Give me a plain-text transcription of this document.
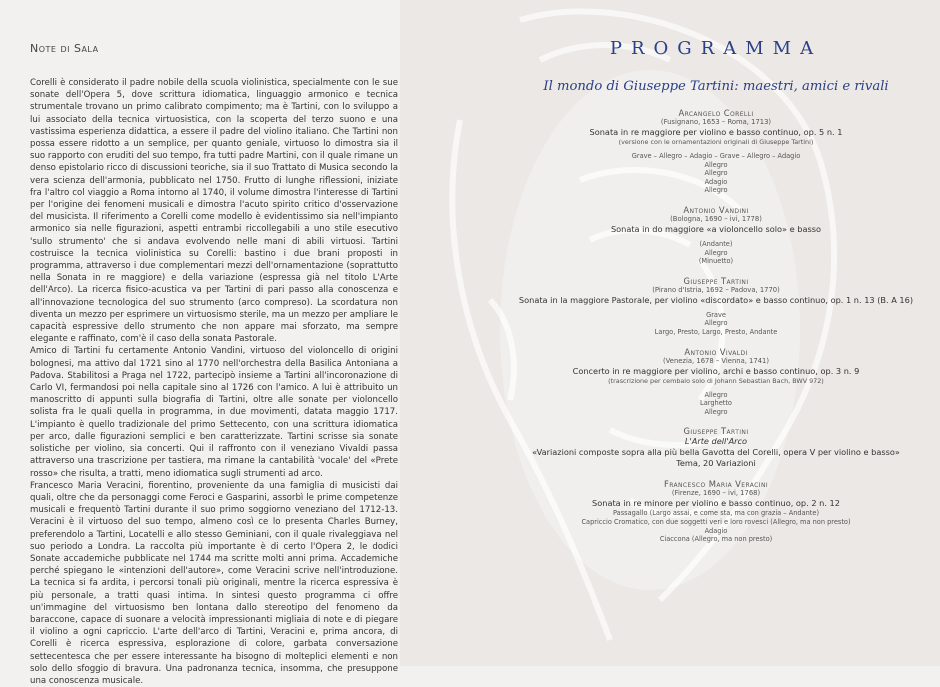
Note di Sala

Corelli è considerato il padre nobile della scuola violinistica, specialmente con le sue sonate dell'Opera 5, dove scrittura idiomatica, linguaggio armonico e tecnica strumentale trovano un primo calibrato compimento; ma è Tartini, con lo sviluppo a lui associato della tecnica virtuosistica, con la scoperta del terzo suono e una vastissima esperienza didattica, a essere il padre del violino italiano. Che Tartini non possa essere ridotto a un semplice, per quanto geniale, virtuoso lo dimostra sia il suo rapporto con eruditi del suo tempo, fra tutti padre Martini, con il quale rimane un denso epistolario ricco di discussioni teoriche, sia il suo Trattato di Musica secondo la vera scienza dell'armonia, pubblicato nel 1750. Frutto di lunghe riflessioni, iniziate fra l'altro col viaggio a Roma intorno al 1740, il volume dimostra l'interesse di Tartini per l'origine dei fenomeni musicali e dimostra l'acuto spirito critico d'osservazione del musicista. Il riferimento a Corelli come modello è evidentissimo sia nell'impianto armonico sia nelle figurazioni, aspetti entrambi riccollegabili a uno stile esecutivo 'sullo strumento' che si andava evolvendo nelle mani di abili virtuosi. Tartini costruisce la tecnica violinistica su Corelli: bastino i due brani proposti in programma, attraverso i due complementari mezzi dell'ornamentazione (soprattutto nella Sonata in re maggiore) e della variazione (espressa già nel titolo L'Arte dell'Arco). La ricerca fisico-acustica va per Tartini di pari passo alla conoscenza e all'innovazione tecnologica del suo strumento (arco compreso). La scordatura non diventa un mezzo per esprimere un virtuosismo sterile, ma un mezzo per ampliare le capacità espressive dello strumento che non appare mai sforzato, ma sempre elegante e raffinato, com'è il caso della sonata Pastorale.

Amico di Tartini fu certamente Antonio Vandini, virtuoso del violoncello di origini bolognesi, ma attivo dal 1721 sino al 1770 nell'orchestra della Basilica Antoniana a Padova. Stabilitosi a Praga nel 1722, partecipò insieme a Tartini all'incoronazione di Carlo VI, fermandosi poi nella capitale sino al 1726 con l'amico. A lui è attribuito un manoscritto di appunti sulla biografia di Tartini, oltre alle sonate per violoncello solista fra le quali quella in programma, in due movimenti, datata maggio 1717. L'impianto è quello tradizionale del primo Settecento, con una scrittura idiomatica per arco, dalle figurazioni semplici e ben caratterizzate. Tartini scrisse sia sonate solistiche per violino, sia concerti. Qui il raffronto con il veneziano Vivaldi passa attraverso una trascrizione per tastiera, ma rimane la cantabilità 'vocale' del «Prete rosso» che risulta, a tratti, meno idiomatica sugli strumenti ad arco.

Francesco Maria Veracini, fiorentino, proveniente da una famiglia di musicisti dai quali, oltre che da personaggi come Feroci e Gasparini, assorbì le prime competenze musicali e frequentò Tartini durante il suo primo soggiorno veneziano del 1712-13. Veracini è il virtuoso del suo tempo, almeno così ce lo presenta Charles Burney, preferendolo a Tartini, Locatelli e allo stesso Geminiani, con il quale rivaleggiava nel suo periodo a Londra. La raccolta più importante è di certo l'Opera 2, le dodici Sonate accademiche pubblicate nel 1744 ma scritte molti anni prima. Accademiche perché spiegano le «intenzioni dell'autore», come Veracini scrive nell'introduzione. La tecnica si fa ardita, i percorsi tonali più originali, mentre la ricerca espressiva è più personale, a tratti quasi intima. In sintesi questo programma ci offre un'immagine del virtuosismo ben lontana dallo stereotipo del fenomeno da baraccone, capace di suonare a velocità impressionanti migliaia di note e di piegare il violino a ogni capriccio. L'arte dell'arco di Tartini, Veracini e, prima ancora, di Corelli è ricerca espressiva, esplorazione di colore, garbata conversazione settecentesca che per essere interessante ha bisogno di molteplici elementi e non solo dello sfoggio di bravura. Una padronanza tecnica, insomma, che presuppone una conoscenza musicale.

PROGRAMMA
Il mondo di Giuseppe Tartini: maestri, amici e rivali
Arcangelo Corelli
(Fusignano, 1653 – Roma, 1713)
Sonata in re maggiore per violino e basso continuo, op. 5 n. 1
(versione con le ornamentazioni originali di Giuseppe Tartini)
Grave – Allegro – Adagio – Grave – Allegro – Adagio
Allegro
Allegro
Adagio
Allegro
Antonio Vandini
(Bologna, 1690 – ivi, 1778)
Sonata in do maggiore «a violoncello solo» e basso
(Andante)
Allegro
(Minuetto)
Giuseppe Tartini
(Pirano d'Istria, 1692 – Padova, 1770)
Sonata in la maggiore Pastorale, per violino «discordato» e basso continuo, op. 1 n. 13 (B. A 16)
Grave
Allegro
Largo, Presto, Largo, Presto, Andante
Antonio Vivaldi
(Venezia, 1678 – Vienna, 1741)
Concerto in re maggiore per violino, archi e basso continuo, op. 3 n. 9
(trascrizione per cembalo solo di Johann Sebastian Bach, BWV 972)
Allegro
Larghetto
Allegro
Giuseppe Tartini
L'Arte dell'Arco
«Variazioni composte sopra alla più bella Gavotta del Corelli, opera V per violino e basso»
Tema, 20 Variazioni
Francesco Maria Veracini
(Firenze, 1690 – ivi, 1768)
Sonata in re minore per violino e basso continuo, op. 2 n. 12
Passagallo (Largo assai, e come sta, ma con grazia – Andante)
Capriccio Cromatico, con due soggetti veri e loro rovesci (Allegro, ma non presto)
Adagio
Ciaccona (Allegro, ma non presto)
